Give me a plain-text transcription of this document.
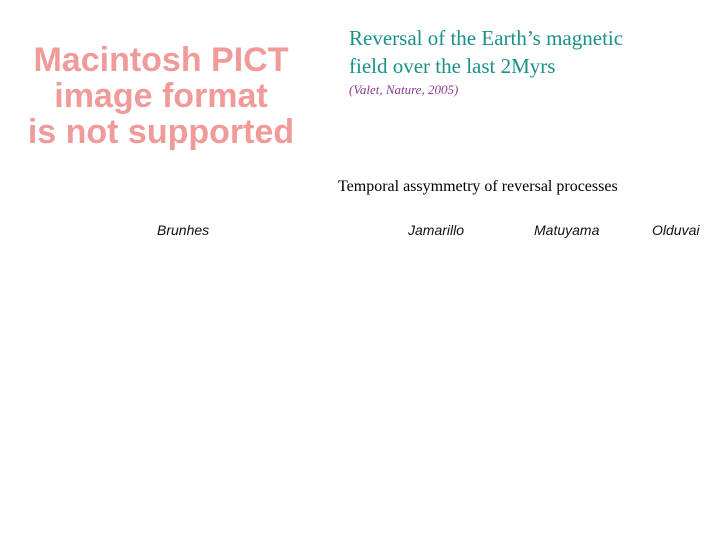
Macintosh PICT
image format
is not supported
Reversal of the Earth’s magnetic
field over the last 2Myrs
(Valet, Nature, 2005)
Temporal assymmetry of reversal processes
Brunhes	Jamarillo	Matuyama	Olduvai
